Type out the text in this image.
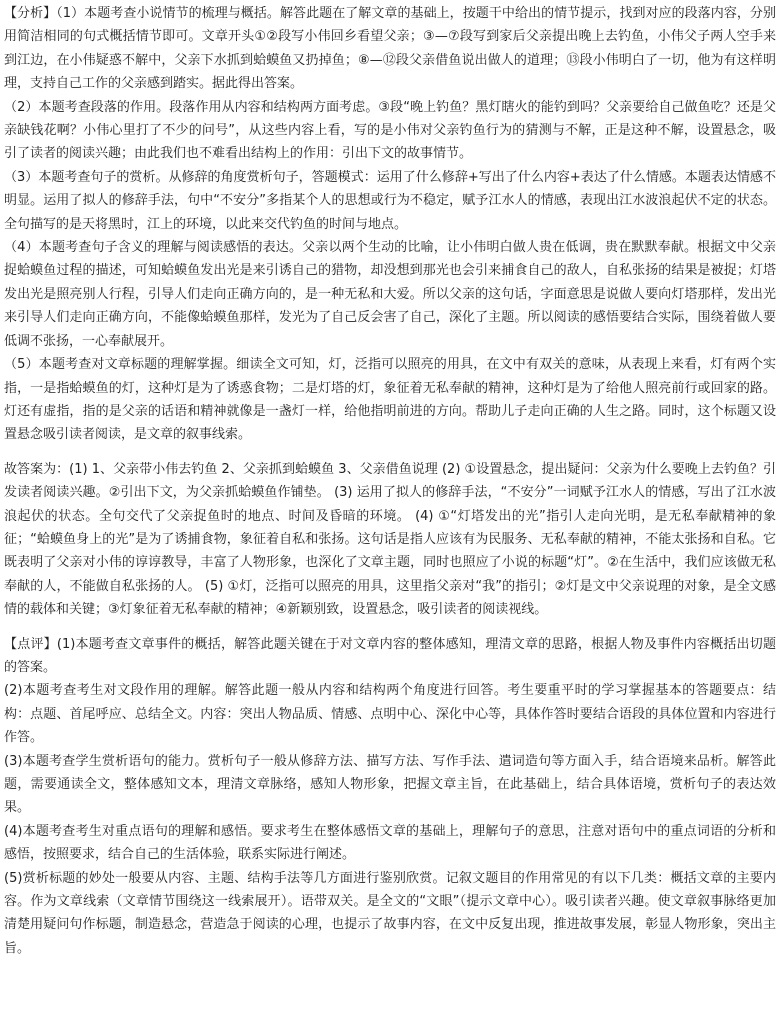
【分析】（1）本题考查小说情节的梳理与概括。解答此题在了解文章的基础上，按题干中给出的情节提示，找到对应的段落内容，分别用简洁相同的句式概括情节即可。文章开头①②段写小伟回乡看望父亲；③—⑦段写到家后父亲提出晚上去钓鱼，小伟父子两人空手来到江边，在小伟疑惑不解中，父亲下水抓到蛤蟆鱼又扔掉鱼；⑧—⑫段父亲借鱼说出做人的道理；⑬段小伟明白了一切，他为有这样明理，支持自己工作的父亲感到踏实。据此得出答案。

（2）本题考查段落的作用。段落作用从内容和结构两方面考虑。③段“晚上钓鱼？黑灯瞎火的能钓到吗？父亲要给自己做鱼吃？还是父亲缺钱花啊？小伟心里打了不少的问号”，从这些内容上看，写的是小伟对父亲钓鱼行为的猜测与不解，正是这种不解，设置悬念，吸引了读者的阅读兴趣；由此我们也不难看出结构上的作用：引出下文的故事情节。

（3）本题考查句子的赏析。从修辞的角度赏析句子，答题模式：运用了什么修辞+写出了什么内容+表达了什么情感。本题表达情感不明显。运用了拟人的修辞手法，句中“不安分”多指某个人的思想或行为不稳定，赋予江水人的情感，表现出江水波浪起伏不定的状态。全句描写的是天将黑时，江上的环境，以此来交代钓鱼的时间与地点。

（4）本题考查句子含义的理解与阅读感悟的表达。父亲以两个生动的比喻，让小伟明白做人贵在低调，贵在默默奉献。根据文中父亲捉蛤蟆鱼过程的描述，可知蛤蟆鱼发出光是来引诱自己的猎物，却没想到那光也会引来捕食自己的敌人，自私张扬的结果是被捉；灯塔发出光是照亮别人行程，引导人们走向正确方向的，是一种无私和大爱。所以父亲的这句话，字面意思是说做人要向灯塔那样，发出光来引导人们走向正确方向，不能像蛤蟆鱼那样，发光为了自己反会害了自己，深化了主题。所以阅读的感悟要结合实际，围绕着做人要低调不张扬，一心奉献展开。

（5）本题考查对文章标题的理解掌握。细读全文可知，灯，泛指可以照亮的用具，在文中有双关的意味，从表现上来看，灯有两个实指，一是指蛤蟆鱼的灯，这种灯是为了诱惑食物；二是灯塔的灯，象征着无私奉献的精神，这种灯是为了给他人照亮前行或回家的路。灯还有虚指，指的是父亲的话语和精神就像是一盏灯一样，给他指明前进的方向。帮助儿子走向正确的人生之路。同时，这个标题又设置悬念吸引读者阅读，是文章的叙事线索。

故答案为：(1) 1、父亲带小伟去钓鱼 2、父亲抓到蛤蟆鱼 3、父亲借鱼说理 (2) ①设置悬念，提出疑问：父亲为什么要晚上去钓鱼？引发读者阅读兴趣。②引出下文，为父亲抓蛤蟆鱼作铺垫。 (3) 运用了拟人的修辞手法，“不安分”一词赋予江水人的情感，写出了江水波浪起伏的状态。全句交代了父亲捉鱼时的地点、时间及昏暗的环境。 (4) ①“灯塔发出的光”指引人走向光明，是无私奉献精神的象征；“蛤蟆鱼身上的光”是为了诱捕食物，象征着自私和张扬。这句话是指人应该有为民服务、无私奉献的精神，不能太张扬和自私。它既表明了父亲对小伟的谆谆教导，丰富了人物形象，也深化了文章主题，同时也照应了小说的标题“灯”。②在生活中，我们应该做无私奉献的人，不能做自私张扬的人。 (5) ①灯，泛指可以照亮的用具，这里指父亲对“我”的指引；②灯是文中父亲说理的对象，是全文感情的载体和关键；③灯象征着无私奉献的精神；④新颖别致，设置悬念，吸引读者的阅读视线。

【点评】(1)本题考查文章事件的概括，解答此题关键在于对文章内容的整体感知，理清文章的思路，根据人物及事件内容概括出切题的答案。

(2)本题考查考生对文段作用的理解。解答此题一般从内容和结构两个角度进行回答。考生要重平时的学习掌握基本的答题要点：结构：点题、首尾呼应、总结全文。内容：突出人物品质、情感、点明中心、深化中心等，具体作答时要结合语段的具体位置和内容进行作答。

(3)本题考查学生赏析语句的能力。赏析句子一般从修辞方法、描写方法、写作手法、遣词造句等方面入手，结合语境来品析。解答此题，需要通读全文，整体感知文本，理清文章脉络，感知人物形象，把握文章主旨，在此基础上，结合具体语境，赏析句子的表达效果。

(4)本题考查考生对重点语句的理解和感悟。要求考生在整体感悟文章的基础上，理解句子的意思，注意对语句中的重点词语的分析和感悟，按照要求，结合自己的生活体验，联系实际进行阐述。

(5)赏析标题的妙处一般要从内容、主题、结构手法等几方面进行鉴别欣赏。记叙文题目的作用常见的有以下几类：概括文章的主要内容。作为文章线索（文章情节围绕这一线索展开）。语带双关。是全文的“文眼”（提示文章中心）。吸引读者兴趣。使文章叙事脉络更加清楚用疑问句作标题，制造悬念，营造急于阅读的心理，也提示了故事内容，在文中反复出现，推进故事发展，彰显人物形象，突出主旨。
